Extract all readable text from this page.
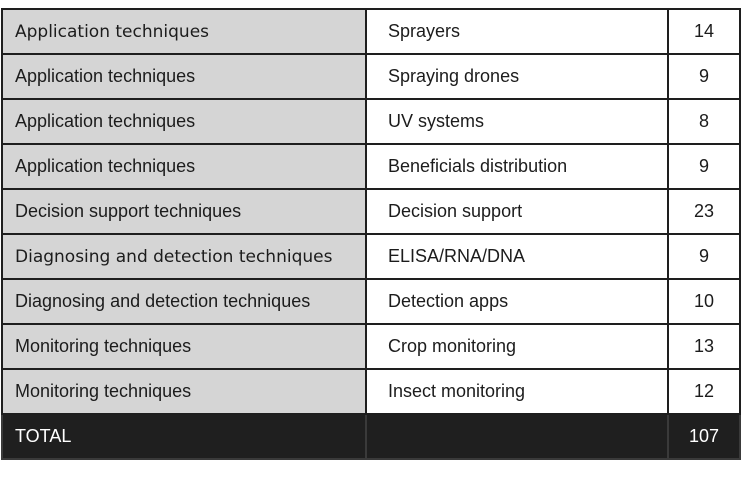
Application techniques	Sprayers	14
Application techniques	Spraying drones	9
Application techniques	UV systems	8
Application techniques	Beneficials distribution	9
Decision support techniques	Decision support	23
Diagnosing and detection techniques	ELISA/RNA/DNA	9
Diagnosing and detection techniques	Detection apps	10
Monitoring techniques	Crop monitoring	13
Monitoring techniques	Insect monitoring	12
TOTAL		107
